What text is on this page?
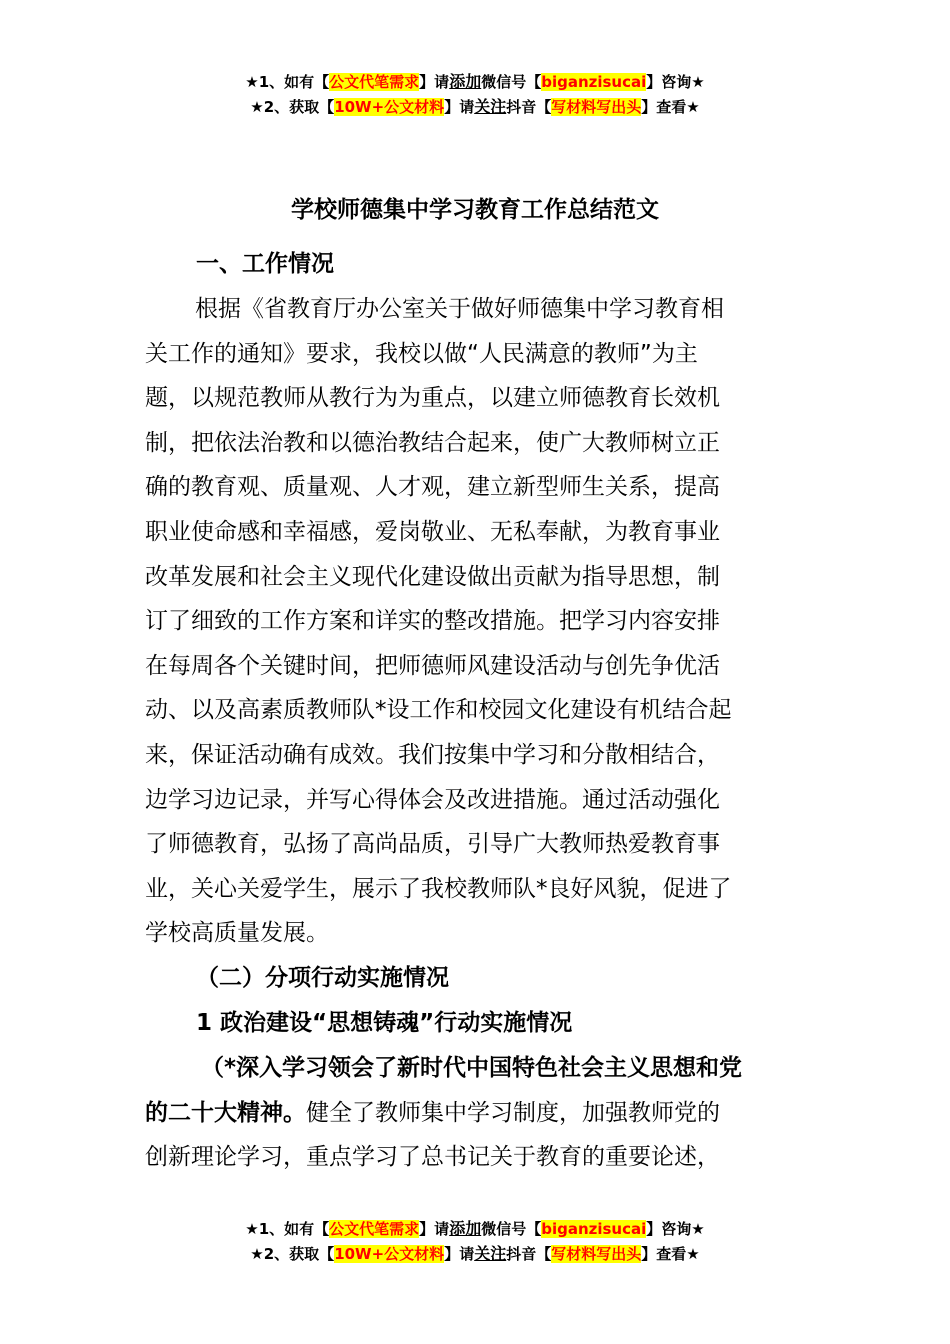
★1、如有【公文代笔需求】请添加微信号【biganzisucai】咨询★
★2、获取【10W+公文材料】请关注抖音【写材料写出头】查看★
学校师德集中学习教育工作总结范文
一、工作情况
根据《省教育厅办公室关于做好师德集中学习教育相
关工作的通知》要求，我校以做“人民满意的教师”为主
题，以规范教师从教行为为重点，以建立师德教育长效机
制，把依法治教和以德治教结合起来，使广大教师树立正
确的教育观、质量观、人才观，建立新型师生关系，提高
职业使命感和幸福感，爱岗敬业、无私奉献，为教育事业
改革发展和社会主义现代化建设做出贡献为指导思想，制
订了细致的工作方案和详实的整改措施。把学习内容安排
在每周各个关键时间，把师德师风建设活动与创先争优活
动、以及高素质教师队*设工作和校园文化建设有机结合起
来，保证活动确有成效。我们按集中学习和分散相结合，
边学习边记录，并写心得体会及改进措施。通过活动强化
了师德教育，弘扬了高尚品质，引导广大教师热爱教育事
业，关心关爱学生，展示了我校教师队*良好风貌，促进了
学校高质量发展。
（二）分项行动实施情况
1 政治建设“思想铸魂”行动实施情况
（*深入学习领会了新时代中国特色社会主义思想和党
的二十大精神。健全了教师集中学习制度，加强教师党的
创新理论学习，重点学习了总书记关于教育的重要论述，
★1、如有【公文代笔需求】请添加微信号【biganzisucai】咨询★
★2、获取【10W+公文材料】请关注抖音【写材料写出头】查看★
